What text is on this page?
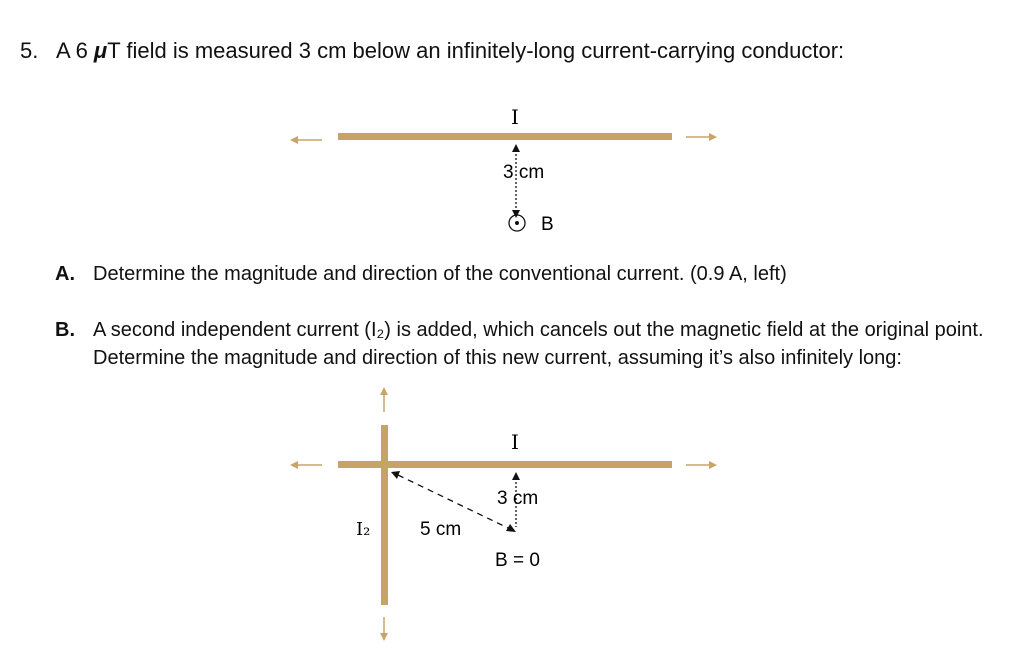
5. A 6 μT field is measured 3 cm below an infinitely-long current-carrying conductor:
I
3 cm
B
I
3 cm
5 cm
I₂
B = 0
A. Determine the magnitude and direction of the conventional current. (0.9 A, left)
B. A second independent current (I₂) is added, which cancels out the magnetic field at the original point. Determine the magnitude and direction of this new current, assuming it’s also infinitely long:
